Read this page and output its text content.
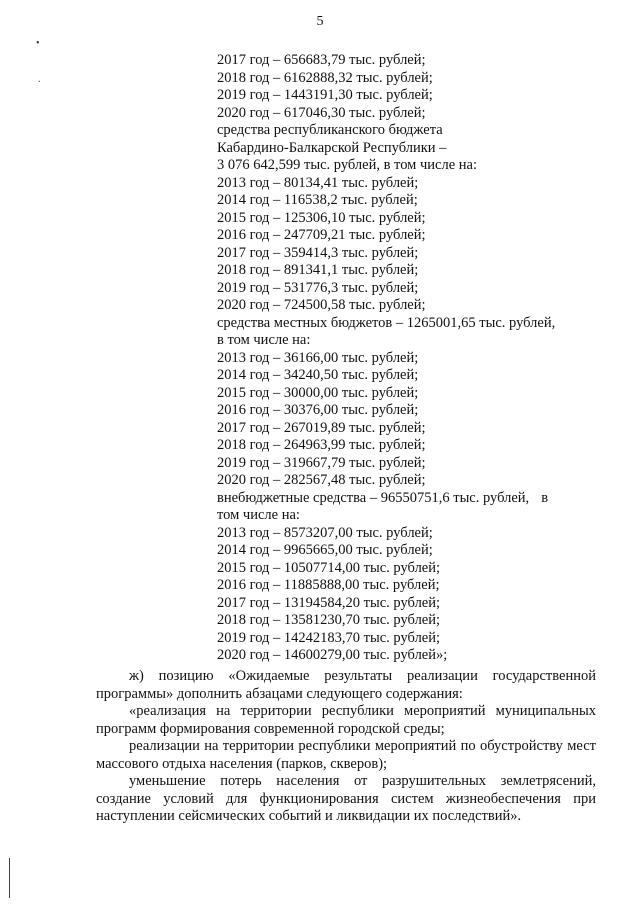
5
•
.
2017 год – 656683,79 тыс. рублей;
2018 год – 6162888,32 тыс. рублей;
2019 год – 1443191,30 тыс. рублей;
2020 год – 617046,30 тыс. рублей;
средства республиканского бюджета
Кабардино-Балкарской Республики –
3 076 642,599 тыс. рублей, в том числе на:
2013 год – 80134,41 тыс. рублей;
2014 год – 116538,2 тыс. рублей;
2015 год – 125306,10 тыс. рублей;
2016 год – 247709,21 тыс. рублей;
2017 год – 359414,3 тыс. рублей;
2018 год – 891341,1 тыс. рублей;
2019 год – 531776,3 тыс. рублей;
2020 год – 724500,58 тыс. рублей;
средства местных бюджетов – 1265001,65 тыс. рублей,
в том числе на:
2013 год – 36166,00 тыс. рублей;
2014 год – 34240,50 тыс. рублей;
2015 год – 30000,00 тыс. рублей;
2016 год – 30376,00 тыс. рублей;
2017 год – 267019,89 тыс. рублей;
2018 год – 264963,99 тыс. рублей;
2019 год – 319667,79 тыс. рублей;
2020 год – 282567,48 тыс. рублей;
внебюджетные средства – 96550751,6 тыс. рублей, в
том числе на:
2013 год – 8573207,00 тыс. рублей;
2014 год – 9965665,00 тыс. рублей;
2015 год – 10507714,00 тыс. рублей;
2016 год – 11885888,00 тыс. рублей;
2017 год – 13194584,20 тыс. рублей;
2018 год – 13581230,70 тыс. рублей;
2019 год – 14242183,70 тыс. рублей;
2020 год – 14600279,00 тыс. рублей»;
ж) позицию «Ожидаемые результаты реализации государственной программы» дополнить абзацами следующего содержания:
«реализация на территории республики мероприятий муниципальных программ формирования современной городской среды;
реализации на территории республики мероприятий по обустройству мест массового отдыха населения (парков, скверов);
уменьшение потерь населения от разрушительных землетрясений, создание условий для функционирования систем жизнеобеспечения при наступлении сейсмических событий и ликвидации их последствий».
